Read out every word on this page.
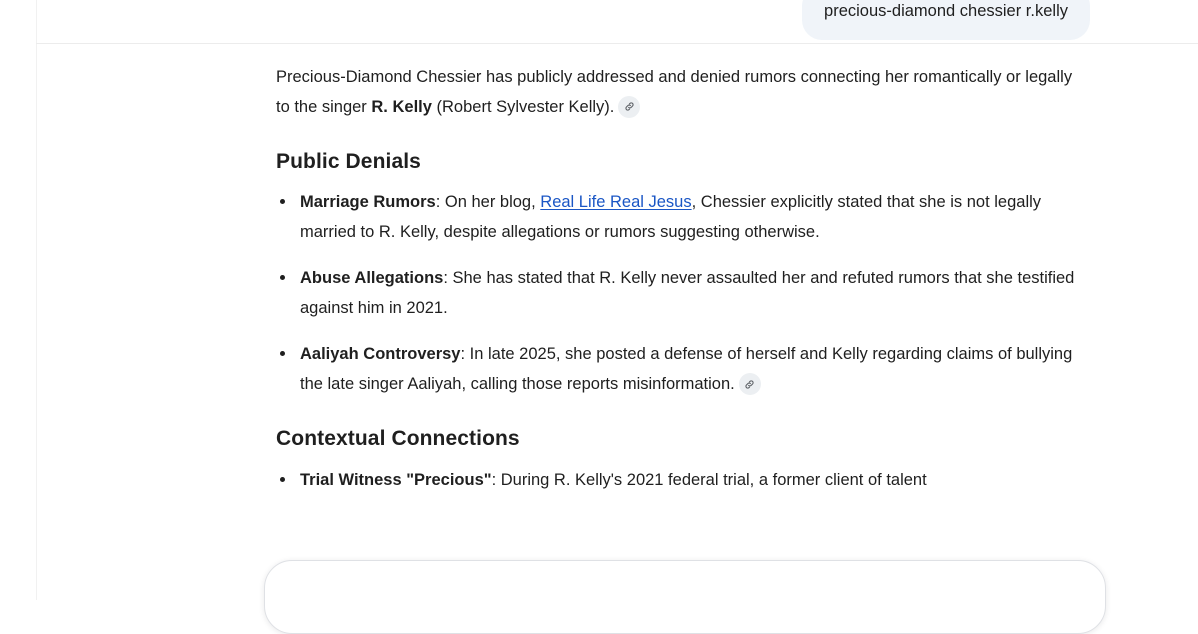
precious-diamond chessier r.kelly

Precious-Diamond Chessier has publicly addressed and denied rumors connecting her romantically or legally to the singer R. Kelly (Robert Sylvester Kelly).

Public Denials
Marriage Rumors: On her blog, Real Life Real Jesus, Chessier explicitly stated that she is not legally married to R. Kelly, despite allegations or rumors suggesting otherwise.
Abuse Allegations: She has stated that R. Kelly never assaulted her and refuted rumors that she testified against him in 2021.
Aaliyah Controversy: In late 2025, she posted a defense of herself and Kelly regarding claims of bullying the late singer Aaliyah, calling those reports misinformation.
Contextual Connections
Trial Witness "Precious": During R. Kelly's 2021 federal trial, a former client of talent
